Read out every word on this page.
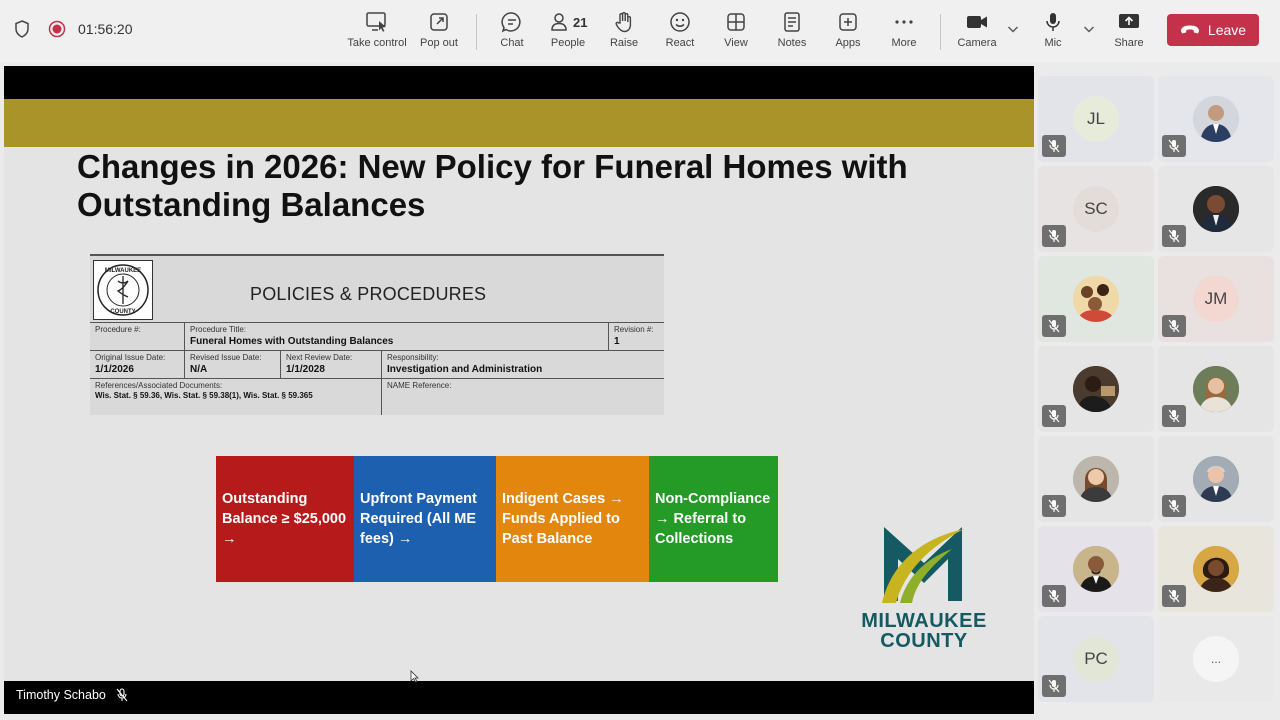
01:56:20
Take control	Pop out	Chat
21
People	Raise	React	View	Notes	Apps	More	Camera	Mic	Share
Leave
Changes in 2026: New Policy for Funeral Homes with Outstanding Balances
MILWAUKEE
COUNTY
POLICIES & PROCEDURES
Procedure #:	Procedure Title:
Funeral Homes with Outstanding Balances
Revision #:
1
Original Issue Date:
1/1/2026
Revised Issue Date:
N/A
Next Review Date:
1/1/2028
Responsibility:
Investigation and Administration
References/Associated Documents:
Wis. Stat. § 59.36, Wis. Stat. § 59.38(1), Wis. Stat. § 59.365
NAME Reference:
Outstanding Balance ≥ $25,000 →
Upfront Payment Required (All ME fees) →
Indigent Cases → Funds Applied to Past Balance
Non-Compliance → Referral to Collections
MILWAUKEE
COUNTY
Timothy Schabo
JL
SC
JM
PC	...
